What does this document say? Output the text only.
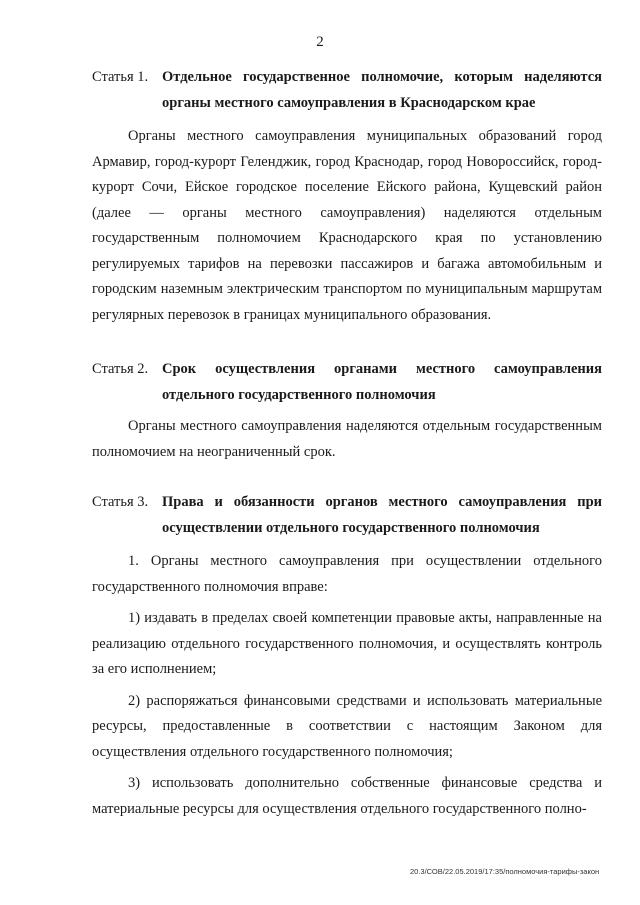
2
Статья 1. Отдельное государственное полномочие, которым наделяются органы местного самоуправления в Краснодарском крае

Органы местного самоуправления муниципальных образований город Армавир, город-курорт Геленджик, город Краснодар, город Новороссийск, город-курорт Сочи, Ейское городское поселение Ейского района, Кущевский район (далее — органы местного самоуправления) наделяются отдельным государственным полномочием Краснодарского края по установлению регулируемых тарифов на перевозки пассажиров и багажа автомобильным и городским наземным электрическим транспортом по муниципальным маршрутам регулярных перевозок в границах муниципального образования.

Статья 2. Срок осуществления органами местного самоуправления отдельного государственного полномочия

Органы местного самоуправления наделяются отдельным государственным полномочием на неограниченный срок.

Статья 3. Права и обязанности органов местного самоуправления при осуществлении отдельного государственного полномочия

1. Органы местного самоуправления при осуществлении отдельного государственного полномочия вправе:

1) издавать в пределах своей компетенции правовые акты, направленные на реализацию отдельного государственного полномочия, и осуществлять контроль за его исполнением;

2) распоряжаться финансовыми средствами и использовать материальные ресурсы, предоставленные в соответствии с настоящим Законом для осуществления отдельного государственного полномочия;

3) использовать дополнительно собственные финансовые средства и материальные ресурсы для осуществления отдельного государственного полно-

20.3/СОВ/22.05.2019/17:35/полномочия-тарифы-закон
